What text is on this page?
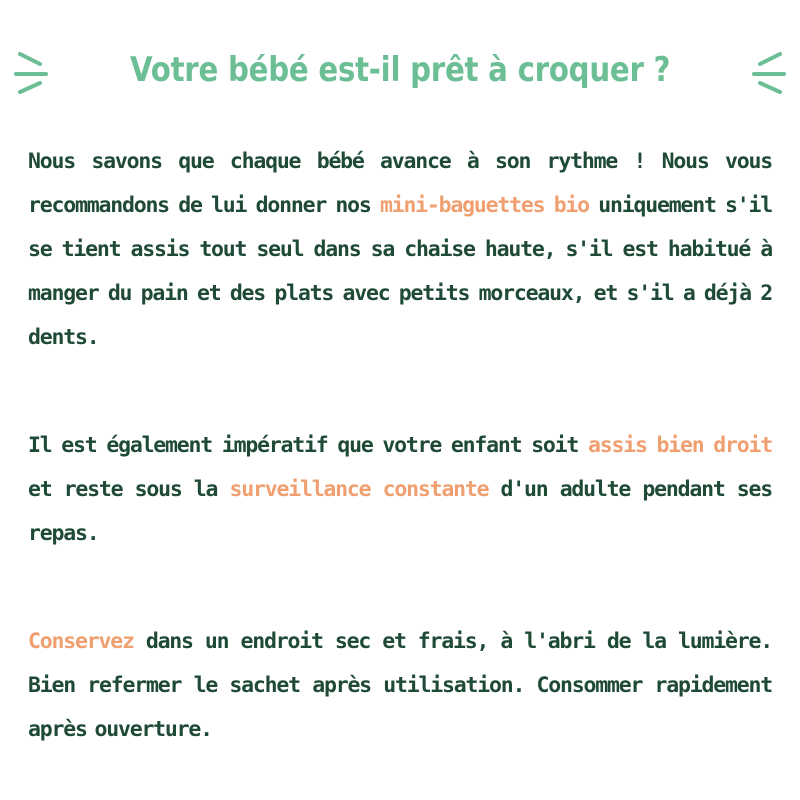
Votre bébé est-il prêt à croquer ?

Nous savons que chaque bébé avance à son rythme ! Nous vous recommandons de lui donner nos mini-baguettes bio uniquement s'il se tient assis tout seul dans sa chaise haute, s'il est habitué à manger du pain et des plats avec petits morceaux, et s'il a déjà 2 dents.

Il est également impératif que votre enfant soit assis bien droit et reste sous la surveillance constante d'un adulte pendant ses repas.

Conservez dans un endroit sec et frais, à l'abri de la lumière. Bien refermer le sachet après utilisation. Consommer rapidement après ouverture.
